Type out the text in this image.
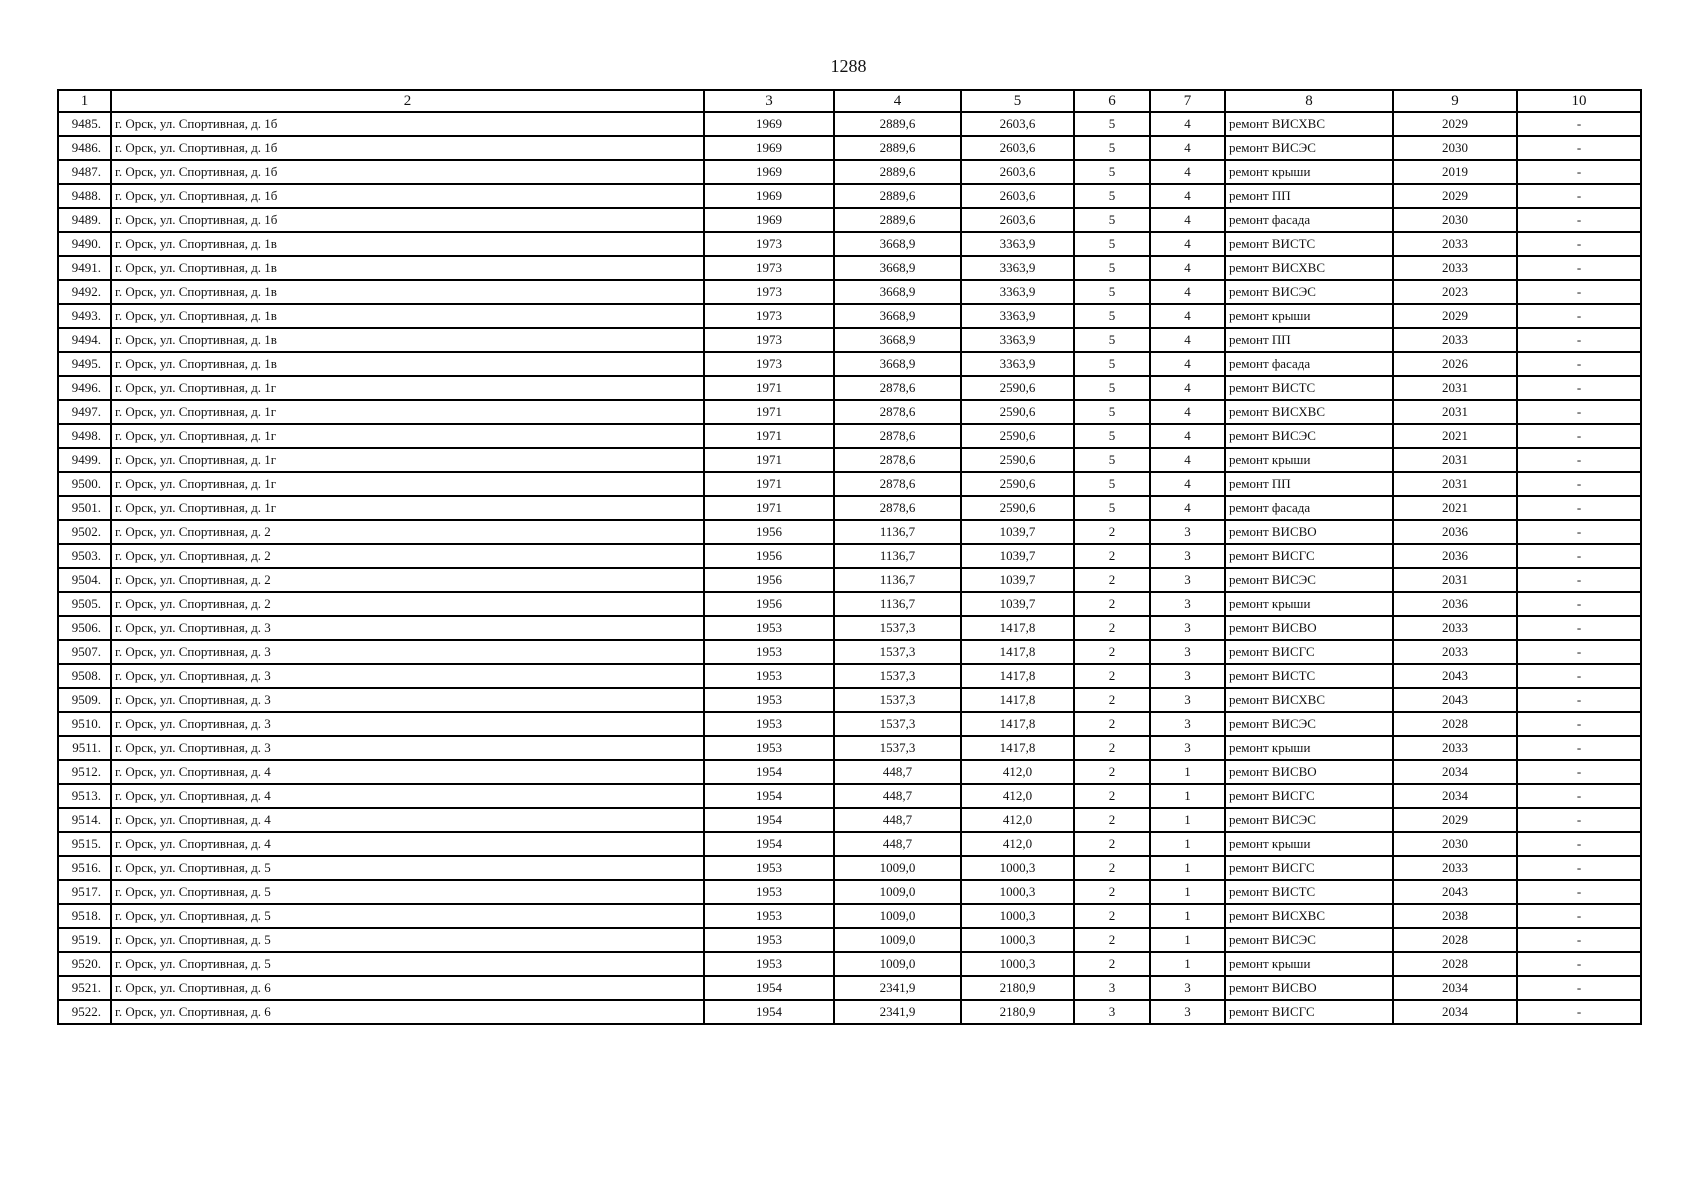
1288
1	2	3	4	5	6	7	8	9	10
9485.	г. Орск, ул. Спортивная, д. 1б	1969	2889,6	2603,6	5	4	ремонт ВИСХВС	2029	-
9486.	г. Орск, ул. Спортивная, д. 1б	1969	2889,6	2603,6	5	4	ремонт ВИСЭС	2030	-
9487.	г. Орск, ул. Спортивная, д. 1б	1969	2889,6	2603,6	5	4	ремонт крыши	2019	-
9488.	г. Орск, ул. Спортивная, д. 1б	1969	2889,6	2603,6	5	4	ремонт ПП	2029	-
9489.	г. Орск, ул. Спортивная, д. 1б	1969	2889,6	2603,6	5	4	ремонт фасада	2030	-
9490.	г. Орск, ул. Спортивная, д. 1в	1973	3668,9	3363,9	5	4	ремонт ВИСТС	2033	-
9491.	г. Орск, ул. Спортивная, д. 1в	1973	3668,9	3363,9	5	4	ремонт ВИСХВС	2033	-
9492.	г. Орск, ул. Спортивная, д. 1в	1973	3668,9	3363,9	5	4	ремонт ВИСЭС	2023	-
9493.	г. Орск, ул. Спортивная, д. 1в	1973	3668,9	3363,9	5	4	ремонт крыши	2029	-
9494.	г. Орск, ул. Спортивная, д. 1в	1973	3668,9	3363,9	5	4	ремонт ПП	2033	-
9495.	г. Орск, ул. Спортивная, д. 1в	1973	3668,9	3363,9	5	4	ремонт фасада	2026	-
9496.	г. Орск, ул. Спортивная, д. 1г	1971	2878,6	2590,6	5	4	ремонт ВИСТС	2031	-
9497.	г. Орск, ул. Спортивная, д. 1г	1971	2878,6	2590,6	5	4	ремонт ВИСХВС	2031	-
9498.	г. Орск, ул. Спортивная, д. 1г	1971	2878,6	2590,6	5	4	ремонт ВИСЭС	2021	-
9499.	г. Орск, ул. Спортивная, д. 1г	1971	2878,6	2590,6	5	4	ремонт крыши	2031	-
9500.	г. Орск, ул. Спортивная, д. 1г	1971	2878,6	2590,6	5	4	ремонт ПП	2031	-
9501.	г. Орск, ул. Спортивная, д. 1г	1971	2878,6	2590,6	5	4	ремонт фасада	2021	-
9502.	г. Орск, ул. Спортивная, д. 2	1956	1136,7	1039,7	2	3	ремонт ВИСВО	2036	-
9503.	г. Орск, ул. Спортивная, д. 2	1956	1136,7	1039,7	2	3	ремонт ВИСГС	2036	-
9504.	г. Орск, ул. Спортивная, д. 2	1956	1136,7	1039,7	2	3	ремонт ВИСЭС	2031	-
9505.	г. Орск, ул. Спортивная, д. 2	1956	1136,7	1039,7	2	3	ремонт крыши	2036	-
9506.	г. Орск, ул. Спортивная, д. 3	1953	1537,3	1417,8	2	3	ремонт ВИСВО	2033	-
9507.	г. Орск, ул. Спортивная, д. 3	1953	1537,3	1417,8	2	3	ремонт ВИСГС	2033	-
9508.	г. Орск, ул. Спортивная, д. 3	1953	1537,3	1417,8	2	3	ремонт ВИСТС	2043	-
9509.	г. Орск, ул. Спортивная, д. 3	1953	1537,3	1417,8	2	3	ремонт ВИСХВС	2043	-
9510.	г. Орск, ул. Спортивная, д. 3	1953	1537,3	1417,8	2	3	ремонт ВИСЭС	2028	-
9511.	г. Орск, ул. Спортивная, д. 3	1953	1537,3	1417,8	2	3	ремонт крыши	2033	-
9512.	г. Орск, ул. Спортивная, д. 4	1954	448,7	412,0	2	1	ремонт ВИСВО	2034	-
9513.	г. Орск, ул. Спортивная, д. 4	1954	448,7	412,0	2	1	ремонт ВИСГС	2034	-
9514.	г. Орск, ул. Спортивная, д. 4	1954	448,7	412,0	2	1	ремонт ВИСЭС	2029	-
9515.	г. Орск, ул. Спортивная, д. 4	1954	448,7	412,0	2	1	ремонт крыши	2030	-
9516.	г. Орск, ул. Спортивная, д. 5	1953	1009,0	1000,3	2	1	ремонт ВИСГС	2033	-
9517.	г. Орск, ул. Спортивная, д. 5	1953	1009,0	1000,3	2	1	ремонт ВИСТС	2043	-
9518.	г. Орск, ул. Спортивная, д. 5	1953	1009,0	1000,3	2	1	ремонт ВИСХВС	2038	-
9519.	г. Орск, ул. Спортивная, д. 5	1953	1009,0	1000,3	2	1	ремонт ВИСЭС	2028	-
9520.	г. Орск, ул. Спортивная, д. 5	1953	1009,0	1000,3	2	1	ремонт крыши	2028	-
9521.	г. Орск, ул. Спортивная, д. 6	1954	2341,9	2180,9	3	3	ремонт ВИСВО	2034	-
9522.	г. Орск, ул. Спортивная, д. 6	1954	2341,9	2180,9	3	3	ремонт ВИСГС	2034	-
